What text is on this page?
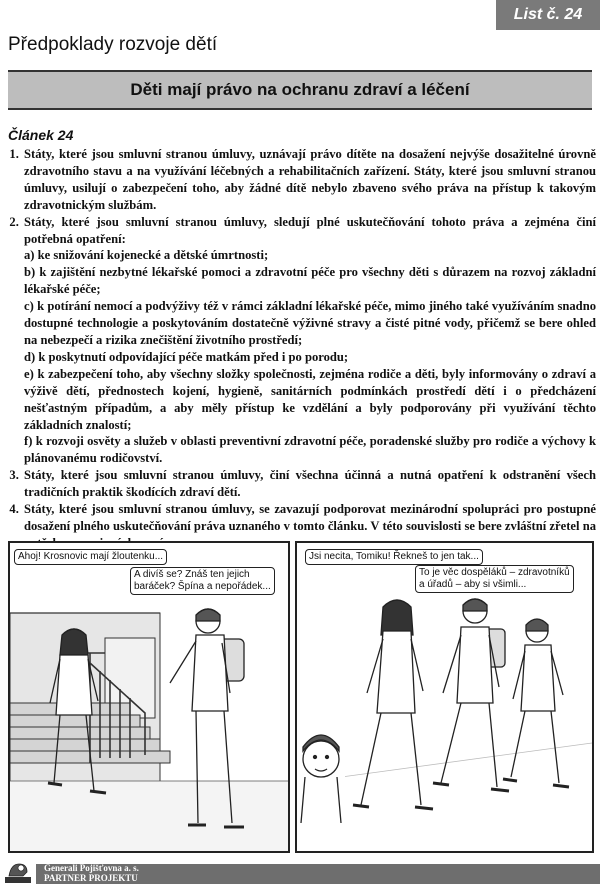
List č. 24
Předpoklady rozvoje dětí
Děti mají právo na ochranu zdraví a léčení
Článek 24
1. Státy, které jsou smluvní stranou úmluvy, uznávají právo dítěte na dosažení nejvýše dosažitelné úrovně zdravotního stavu a na využívání léčebných a rehabilitačních zařízení. Státy, které jsou smluvní stranou úmluvy, usilují o zabezpečení toho, aby žádné dítě nebylo zbaveno svého práva na přístup k takovým zdravotnickým službám.
2. Státy, které jsou smluvní stranou úmluvy, sledují plné uskutečňování tohoto práva a zejména činí potřebná opatření:
a) ke snižování kojenecké a dětské úmrtnosti;
b) k zajištění nezbytné lékařské pomoci a zdravotní péče pro všechny děti s důrazem na rozvoj základní lékařské péče;
c) k potírání nemocí a podvýživy též v rámci základní lékařské péče, mimo jiného také využíváním snadno dostupné technologie a poskytováním dostatečně výživné stravy a čisté pitné vody, přičemž se bere ohled na nebezpečí a rizika znečištění životního prostředí;
d) k poskytnutí odpovídající péče matkám před i po porodu;
e) k zabezpečení toho, aby všechny složky společnosti, zejména rodiče a děti, byly informovány o zdraví a výživě dětí, přednostech kojení, hygieně, sanitárních podmínkách prostředí dětí i o předcházení nešťastným případům, a aby měly přístup ke vzdělání a byly podporovány při využívání těchto základních znalostí;
f) k rozvoji osvěty a služeb v oblasti preventivní zdravotní péče, poradenské služby pro rodiče a výchovy k plánovanému rodičovství.
3. Státy, které jsou smluvní stranou úmluvy, činí všechna účinná a nutná opatření k odstranění všech tradičních praktik škodících zdraví dětí.
4. Státy, které jsou smluvní stranou úmluvy, se zavazují podporovat mezinárodní spolupráci pro postupné dosažení plného uskutečňování práva uznaného v tomto článku. V této souvislosti se bere zvláštní zřetel na
Ahoj! Krosnovic mají žloutenku...
A divíš se? Znáš ten jejich
baráček? Špína a nepořádek...
Jsi necita, Tomiku! Řekneš to jen tak...
To je věc dospěláků – zdravotníků
a úřadů – aby si všimli...
Generali Pojišťovna a. s.
PARTNER PROJEKTU
